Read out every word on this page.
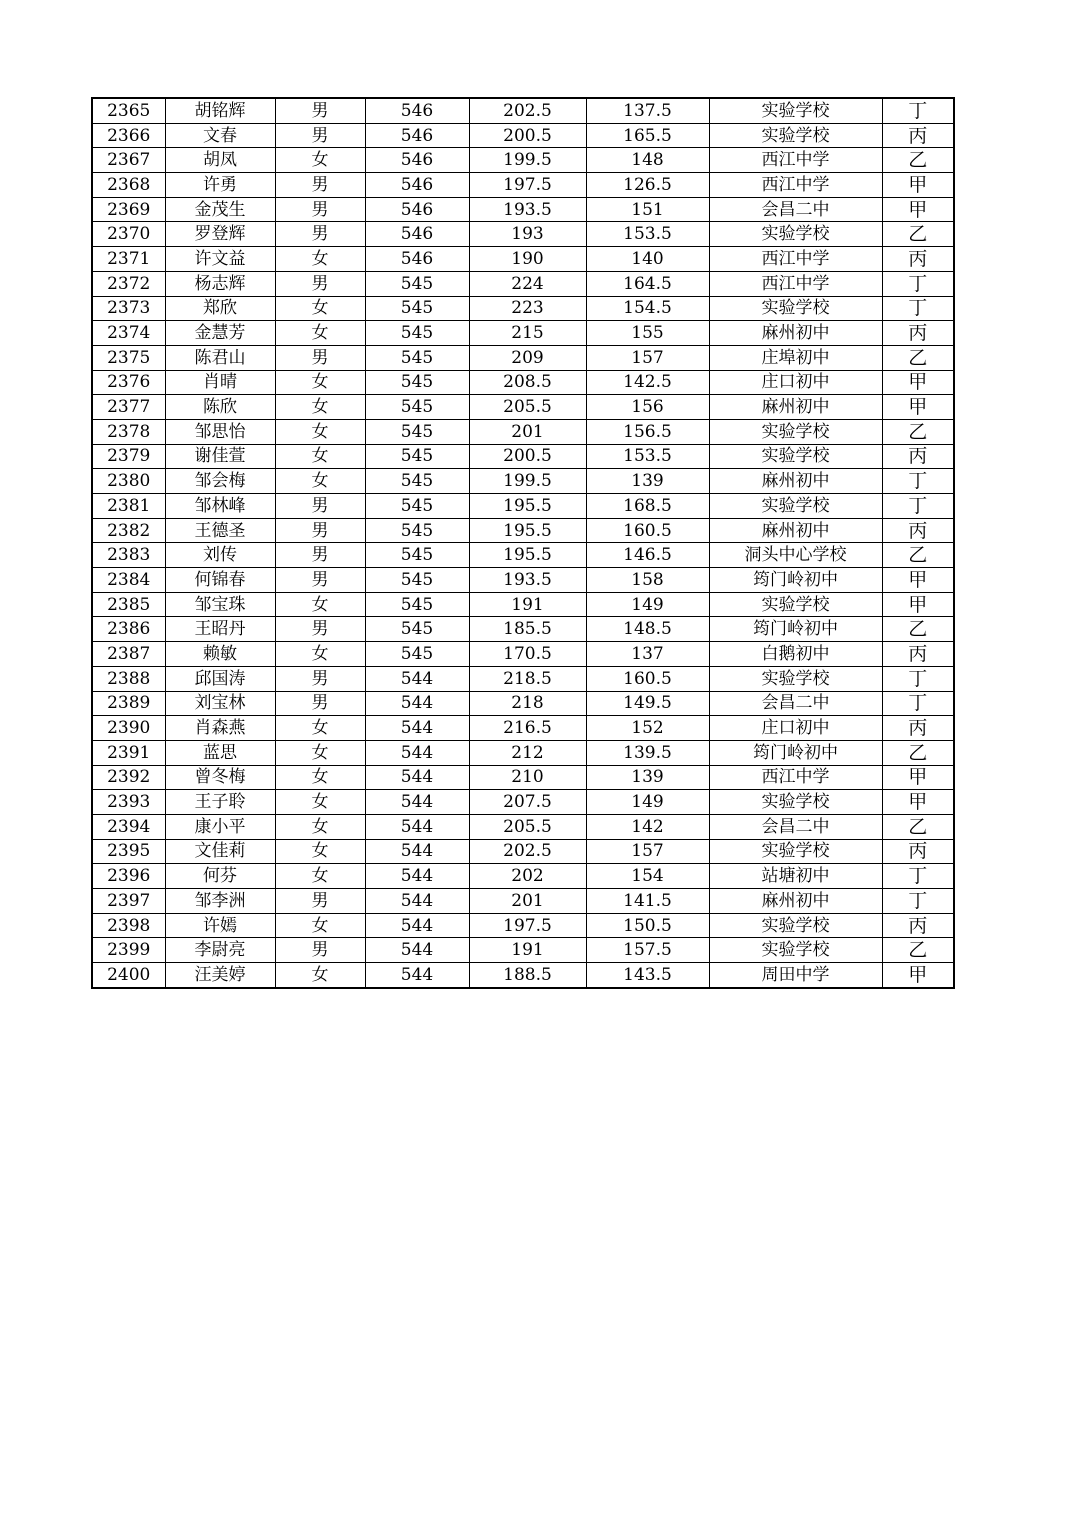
2365	胡铭辉	男	546	202.5	137.5	实验学校	丁
2366	文春	男	546	200.5	165.5	实验学校	丙
2367	胡凤	女	546	199.5	148	西江中学	乙
2368	许勇	男	546	197.5	126.5	西江中学	甲
2369	金茂生	男	546	193.5	151	会昌二中	甲
2370	罗登辉	男	546	193	153.5	实验学校	乙
2371	许文益	女	546	190	140	西江中学	丙
2372	杨志辉	男	545	224	164.5	西江中学	丁
2373	郑欣	女	545	223	154.5	实验学校	丁
2374	金慧芳	女	545	215	155	麻州初中	丙
2375	陈君山	男	545	209	157	庄埠初中	乙
2376	肖晴	女	545	208.5	142.5	庄口初中	甲
2377	陈欣	女	545	205.5	156	麻州初中	甲
2378	邹思怡	女	545	201	156.5	实验学校	乙
2379	谢佳萱	女	545	200.5	153.5	实验学校	丙
2380	邹会梅	女	545	199.5	139	麻州初中	丁
2381	邹林峰	男	545	195.5	168.5	实验学校	丁
2382	王德圣	男	545	195.5	160.5	麻州初中	丙
2383	刘传	男	545	195.5	146.5	洞头中心学校	乙
2384	何锦春	男	545	193.5	158	筠门岭初中	甲
2385	邹宝珠	女	545	191	149	实验学校	甲
2386	王昭丹	男	545	185.5	148.5	筠门岭初中	乙
2387	赖敏	女	545	170.5	137	白鹅初中	丙
2388	邱国涛	男	544	218.5	160.5	实验学校	丁
2389	刘宝林	男	544	218	149.5	会昌二中	丁
2390	肖森燕	女	544	216.5	152	庄口初中	丙
2391	蓝思	女	544	212	139.5	筠门岭初中	乙
2392	曾冬梅	女	544	210	139	西江中学	甲
2393	王子聆	女	544	207.5	149	实验学校	甲
2394	康小平	女	544	205.5	142	会昌二中	乙
2395	文佳莉	女	544	202.5	157	实验学校	丙
2396	何芬	女	544	202	154	站塘初中	丁
2397	邹李洲	男	544	201	141.5	麻州初中	丁
2398	许嫣	女	544	197.5	150.5	实验学校	丙
2399	李尉亮	男	544	191	157.5	实验学校	乙
2400	汪美婷	女	544	188.5	143.5	周田中学	甲
